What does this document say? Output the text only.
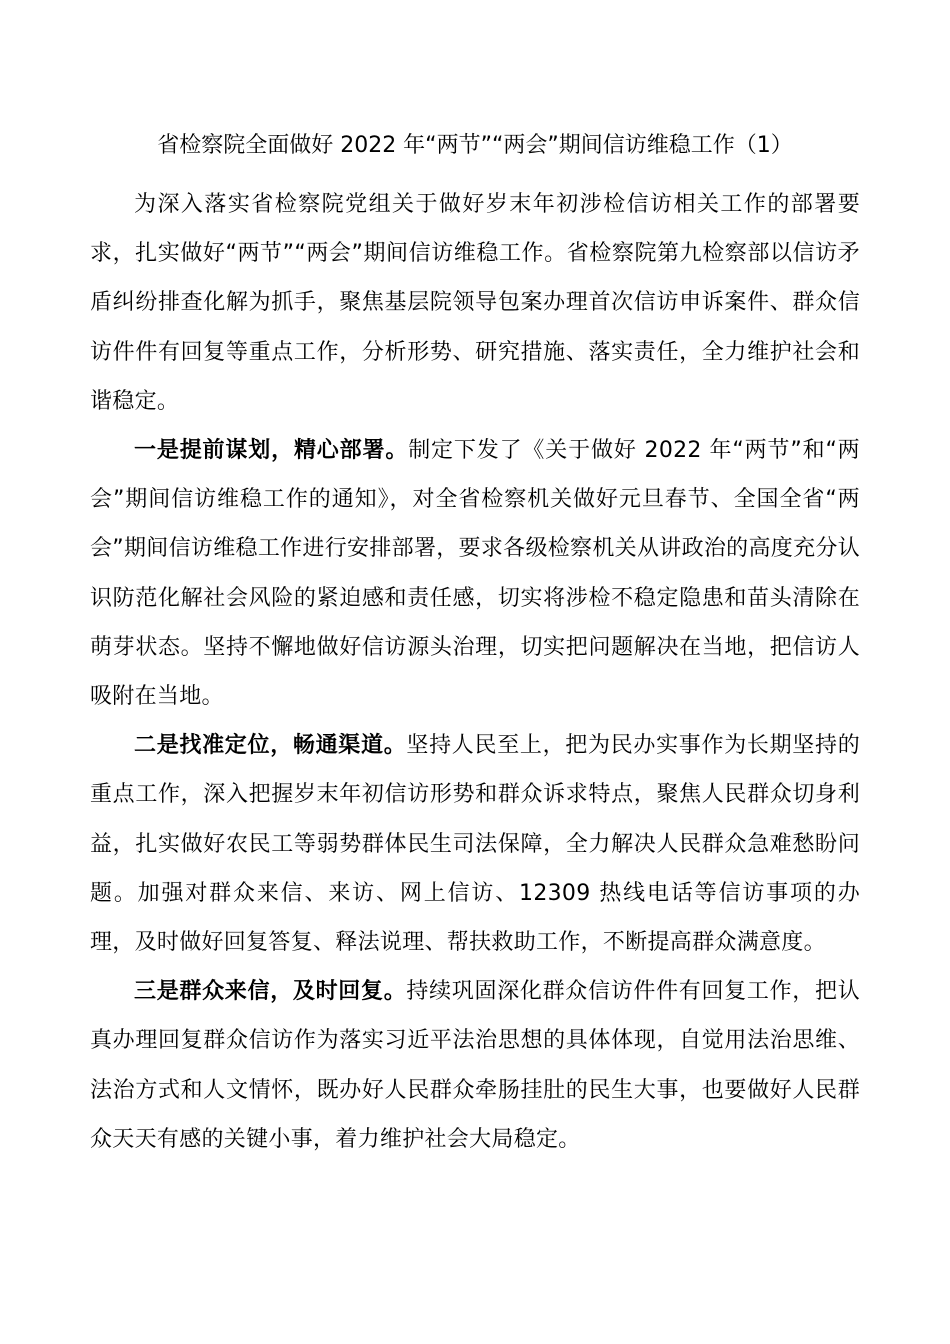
省检察院全面做好 2022 年“两节”“两会”期间信访维稳工作（1）

为深入落实省检察院党组关于做好岁末年初涉检信访相关工作的部署要求，扎实做好“两节”“两会”期间信访维稳工作。省检察院第九检察部以信访矛盾纠纷排查化解为抓手，聚焦基层院领导包案办理首次信访申诉案件、群众信访件件有回复等重点工作，分析形势、研究措施、落实责任，全力维护社会和谐稳定。

一是提前谋划，精心部署。制定下发了《关于做好 2022 年“两节”和“两会”期间信访维稳工作的通知》，对全省检察机关做好元旦春节、全国全省“两会”期间信访维稳工作进行安排部署，要求各级检察机关从讲政治的高度充分认识防范化解社会风险的紧迫感和责任感，切实将涉检不稳定隐患和苗头清除在萌芽状态。坚持不懈地做好信访源头治理，切实把问题解决在当地，把信访人吸附在当地。

二是找准定位，畅通渠道。坚持人民至上，把为民办实事作为长期坚持的重点工作，深入把握岁末年初信访形势和群众诉求特点，聚焦人民群众切身利益，扎实做好农民工等弱势群体民生司法保障，全力解决人民群众急难愁盼问题。加强对群众来信、来访、网上信访、12309 热线电话等信访事项的办理，及时做好回复答复、释法说理、帮扶救助工作，不断提高群众满意度。

三是群众来信，及时回复。持续巩固深化群众信访件件有回复工作，把认真办理回复群众信访作为落实习近平法治思想的具体体现，自觉用法治思维、法治方式和人文情怀，既办好人民群众牵肠挂肚的民生大事，也要做好人民群众天天有感的关键小事，着力维护社会大局稳定。
